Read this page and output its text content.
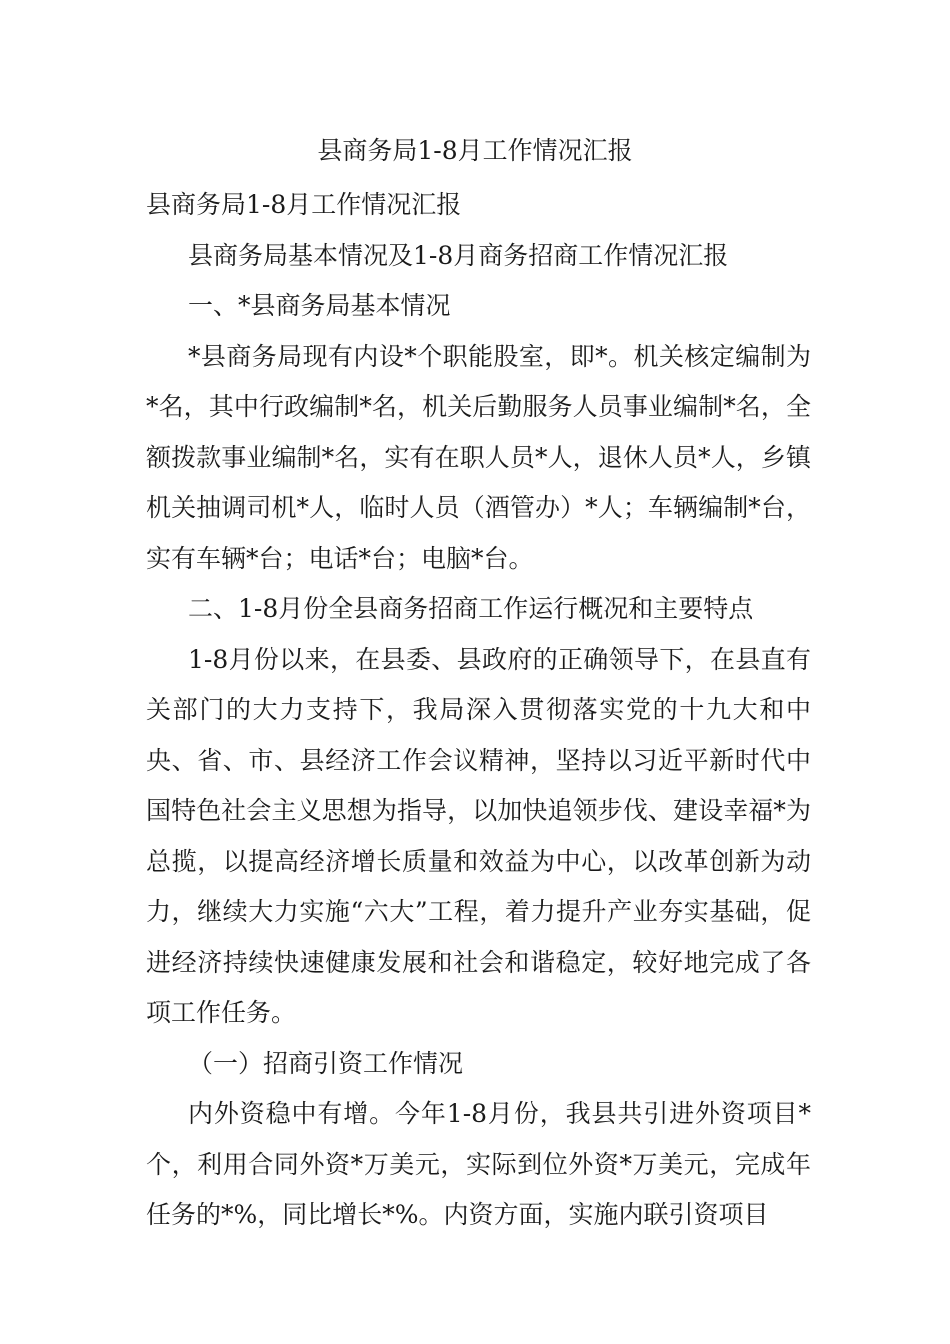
县商务局1-8月工作情况汇报

县商务局1-8月工作情况汇报

县商务局基本情况及1-8月商务招商工作情况汇报

一、*县商务局基本情况

*县商务局现有内设*个职能股室，即*。机关核定编制为*名，其中行政编制*名，机关后勤服务人员事业编制*名，全额拨款事业编制*名，实有在职人员*人，退休人员*人，乡镇机关抽调司机*人，临时人员（酒管办）*人；车辆编制*台，实有车辆*台；电话*台；电脑*台。

二、1-8月份全县商务招商工作运行概况和主要特点

1-8月份以来，在县委、县政府的正确领导下，在县直有关部门的大力支持下，我局深入贯彻落实党的十九大和中央、省、市、县经济工作会议精神，坚持以习近平新时代中国特色社会主义思想为指导，以加快追领步伐、建设幸福*为总揽，以提高经济增长质量和效益为中心，以改革创新为动力，继续大力实施“六大”工程，着力提升产业夯实基础，促进经济持续快速健康发展和社会和谐稳定，较好地完成了各项工作任务。

（一）招商引资工作情况

内外资稳中有增。今年1-8月份，我县共引进外资项目*个，利用合同外资*万美元，实际到位外资*万美元，完成年任务的*%，同比增长*%。内资方面，实施内联引资项目
